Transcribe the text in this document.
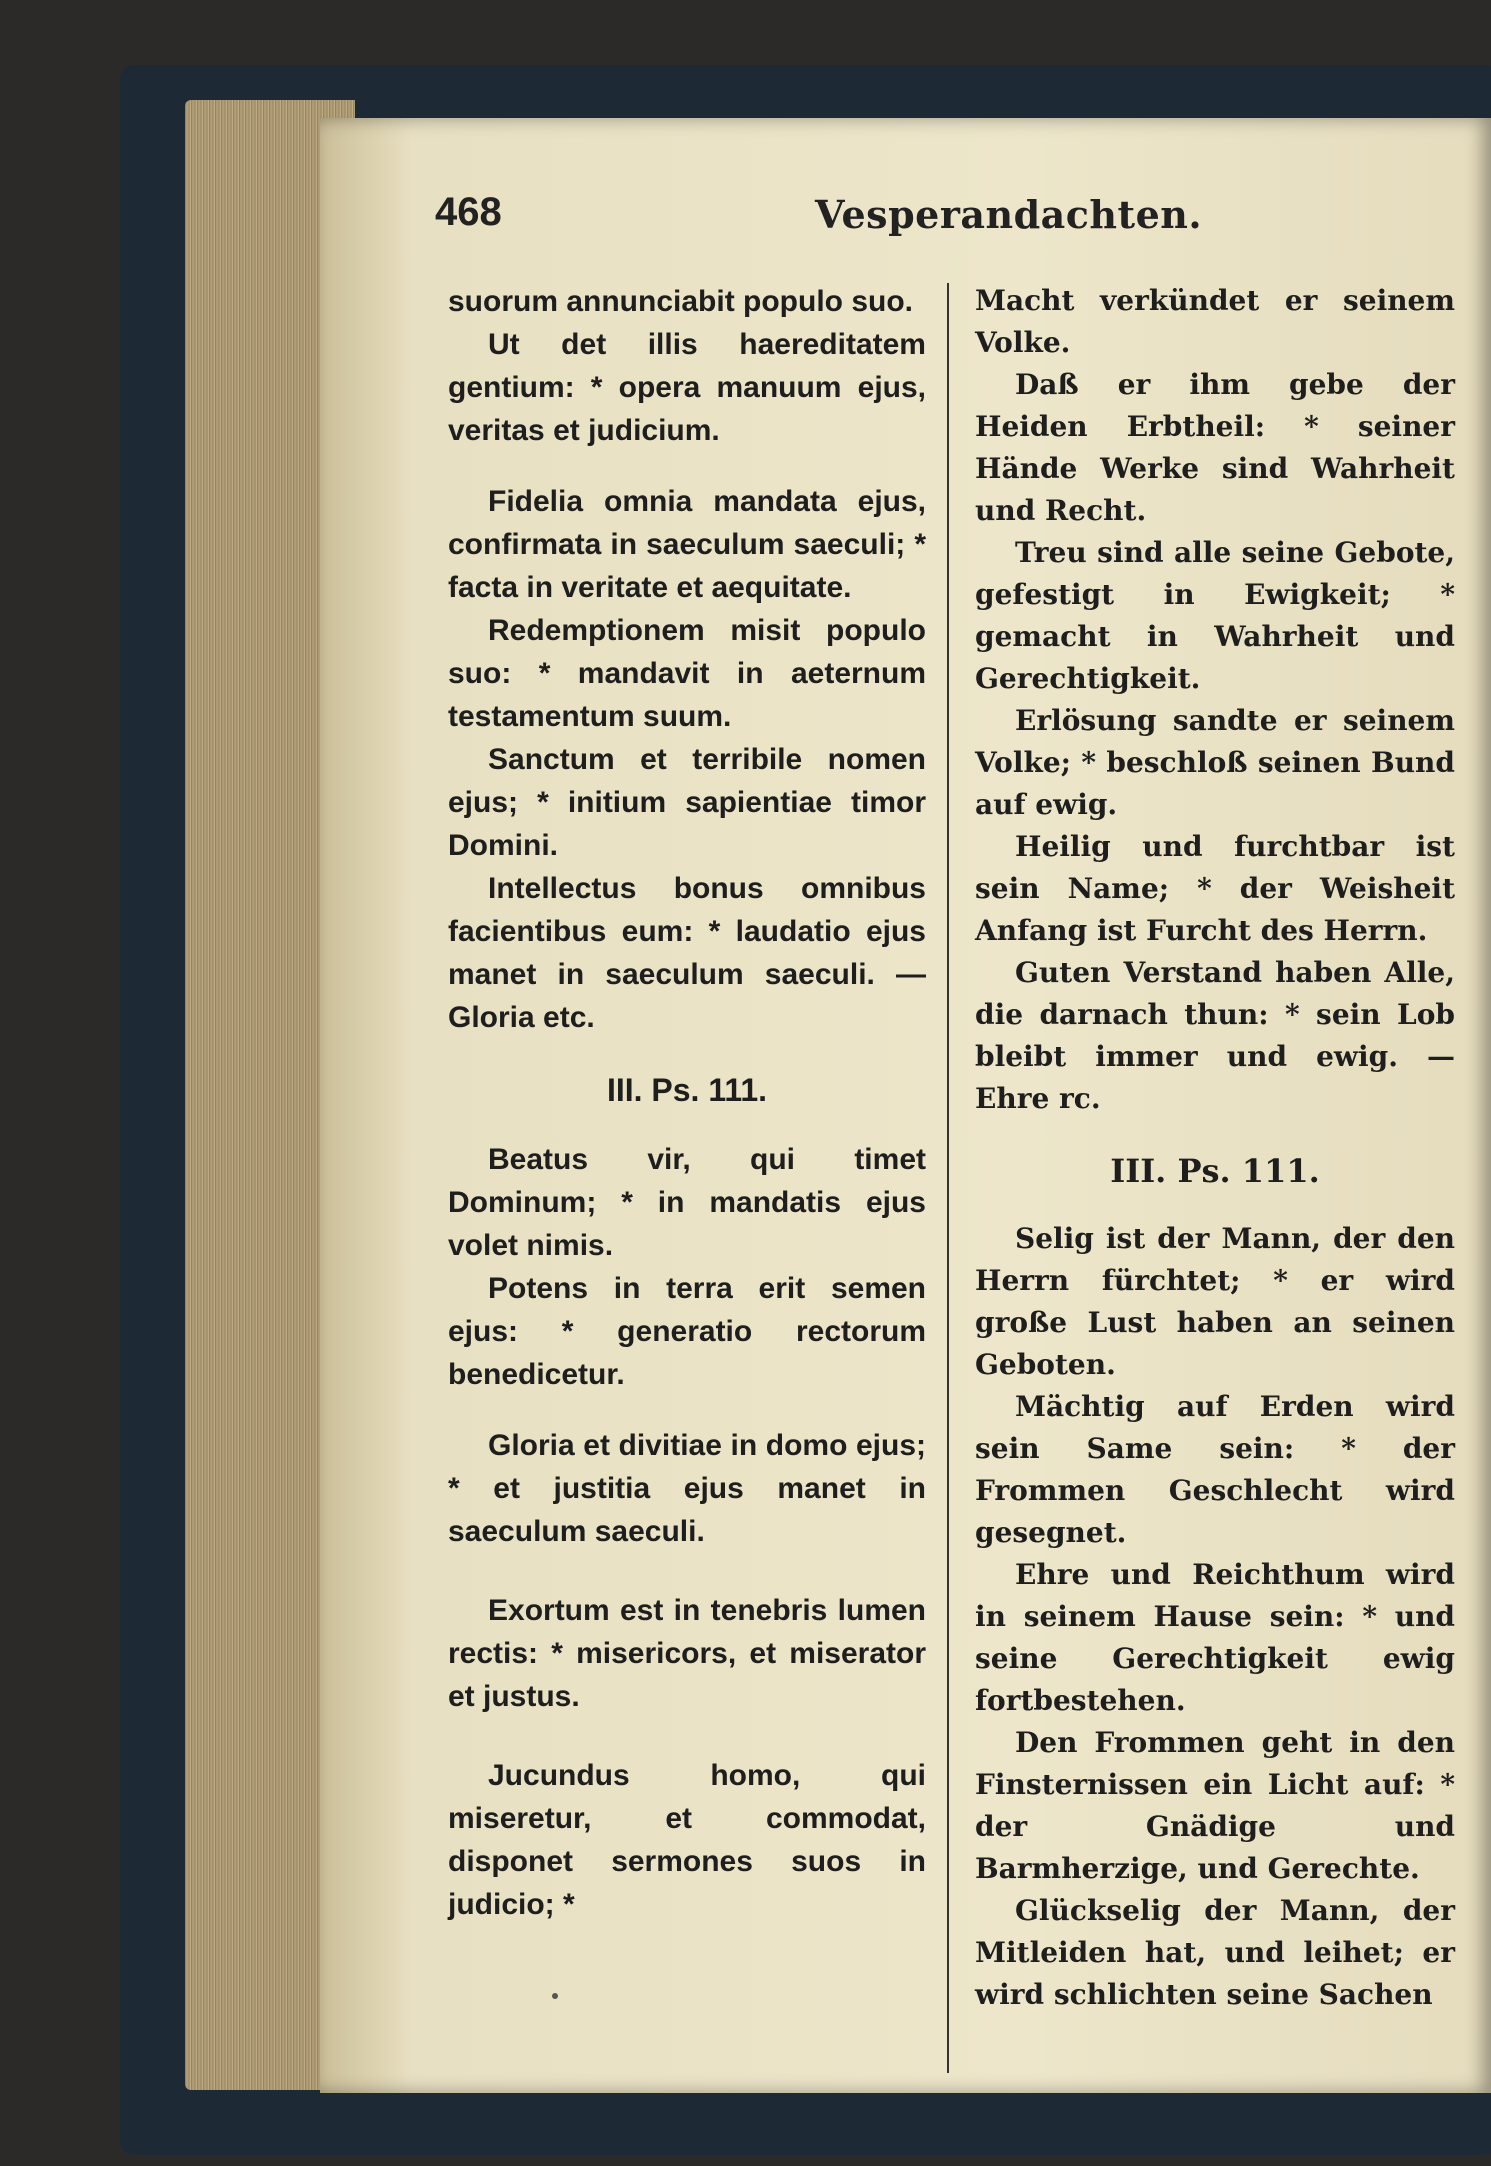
468	Vesperandachten.

suorum annunciabit populo suo.

Ut det illis haereditatem gentium: * opera manuum ejus, veritas et judicium.

Fidelia omnia mandata ejus, confirmata in saeculum saeculi; * facta in veritate et aequitate.

Redemptionem misit populo suo: * mandavit in aeternum testamentum suum.

Sanctum et terribile nomen ejus; * initium sapientiae timor Domini.

Intellectus bonus omnibus facientibus eum: * laudatio ejus manet in saeculum saeculi. — Gloria etc.

III. Ps. 111.

Beatus vir, qui timet Dominum; * in mandatis ejus volet nimis.

Potens in terra erit semen ejus: * generatio rectorum benedicetur.

Gloria et divitiae in domo ejus; * et justitia ejus manet in saeculum saeculi.

Exortum est in tenebris lumen rectis: * misericors, et miserator et justus.

Jucundus homo, qui miseretur, et commodat, disponet sermones suos in judicio; *

Macht verkündet er seinem Volke.

Daß er ihm gebe der Heiden Erbtheil: * seiner Hände Werke sind Wahrheit und Recht.

Treu sind alle seine Gebote, gefestigt in Ewigkeit; * gemacht in Wahrheit und Gerechtigkeit.

Erlösung sandte er seinem Volke; * beschloß seinen Bund auf ewig.

Heilig und furchtbar ist sein Name; * der Weisheit Anfang ist Furcht des Herrn.

Guten Verstand haben Alle, die darnach thun: * sein Lob bleibt immer und ewig. — Ehre rc.

III. Ps. 111.

Selig ist der Mann, der den Herrn fürchtet; * er wird große Lust haben an seinen Geboten.

Mächtig auf Erden wird sein Same sein: * der Frommen Geschlecht wird gesegnet.

Ehre und Reichthum wird in seinem Hause sein: * und seine Gerechtigkeit ewig fortbestehen.

Den Frommen geht in den Finsternissen ein Licht auf: * der Gnädige und Barmherzige, und Gerechte.

Glückselig der Mann, der Mitleiden hat, und leihet; er wird schlichten seine Sachen
